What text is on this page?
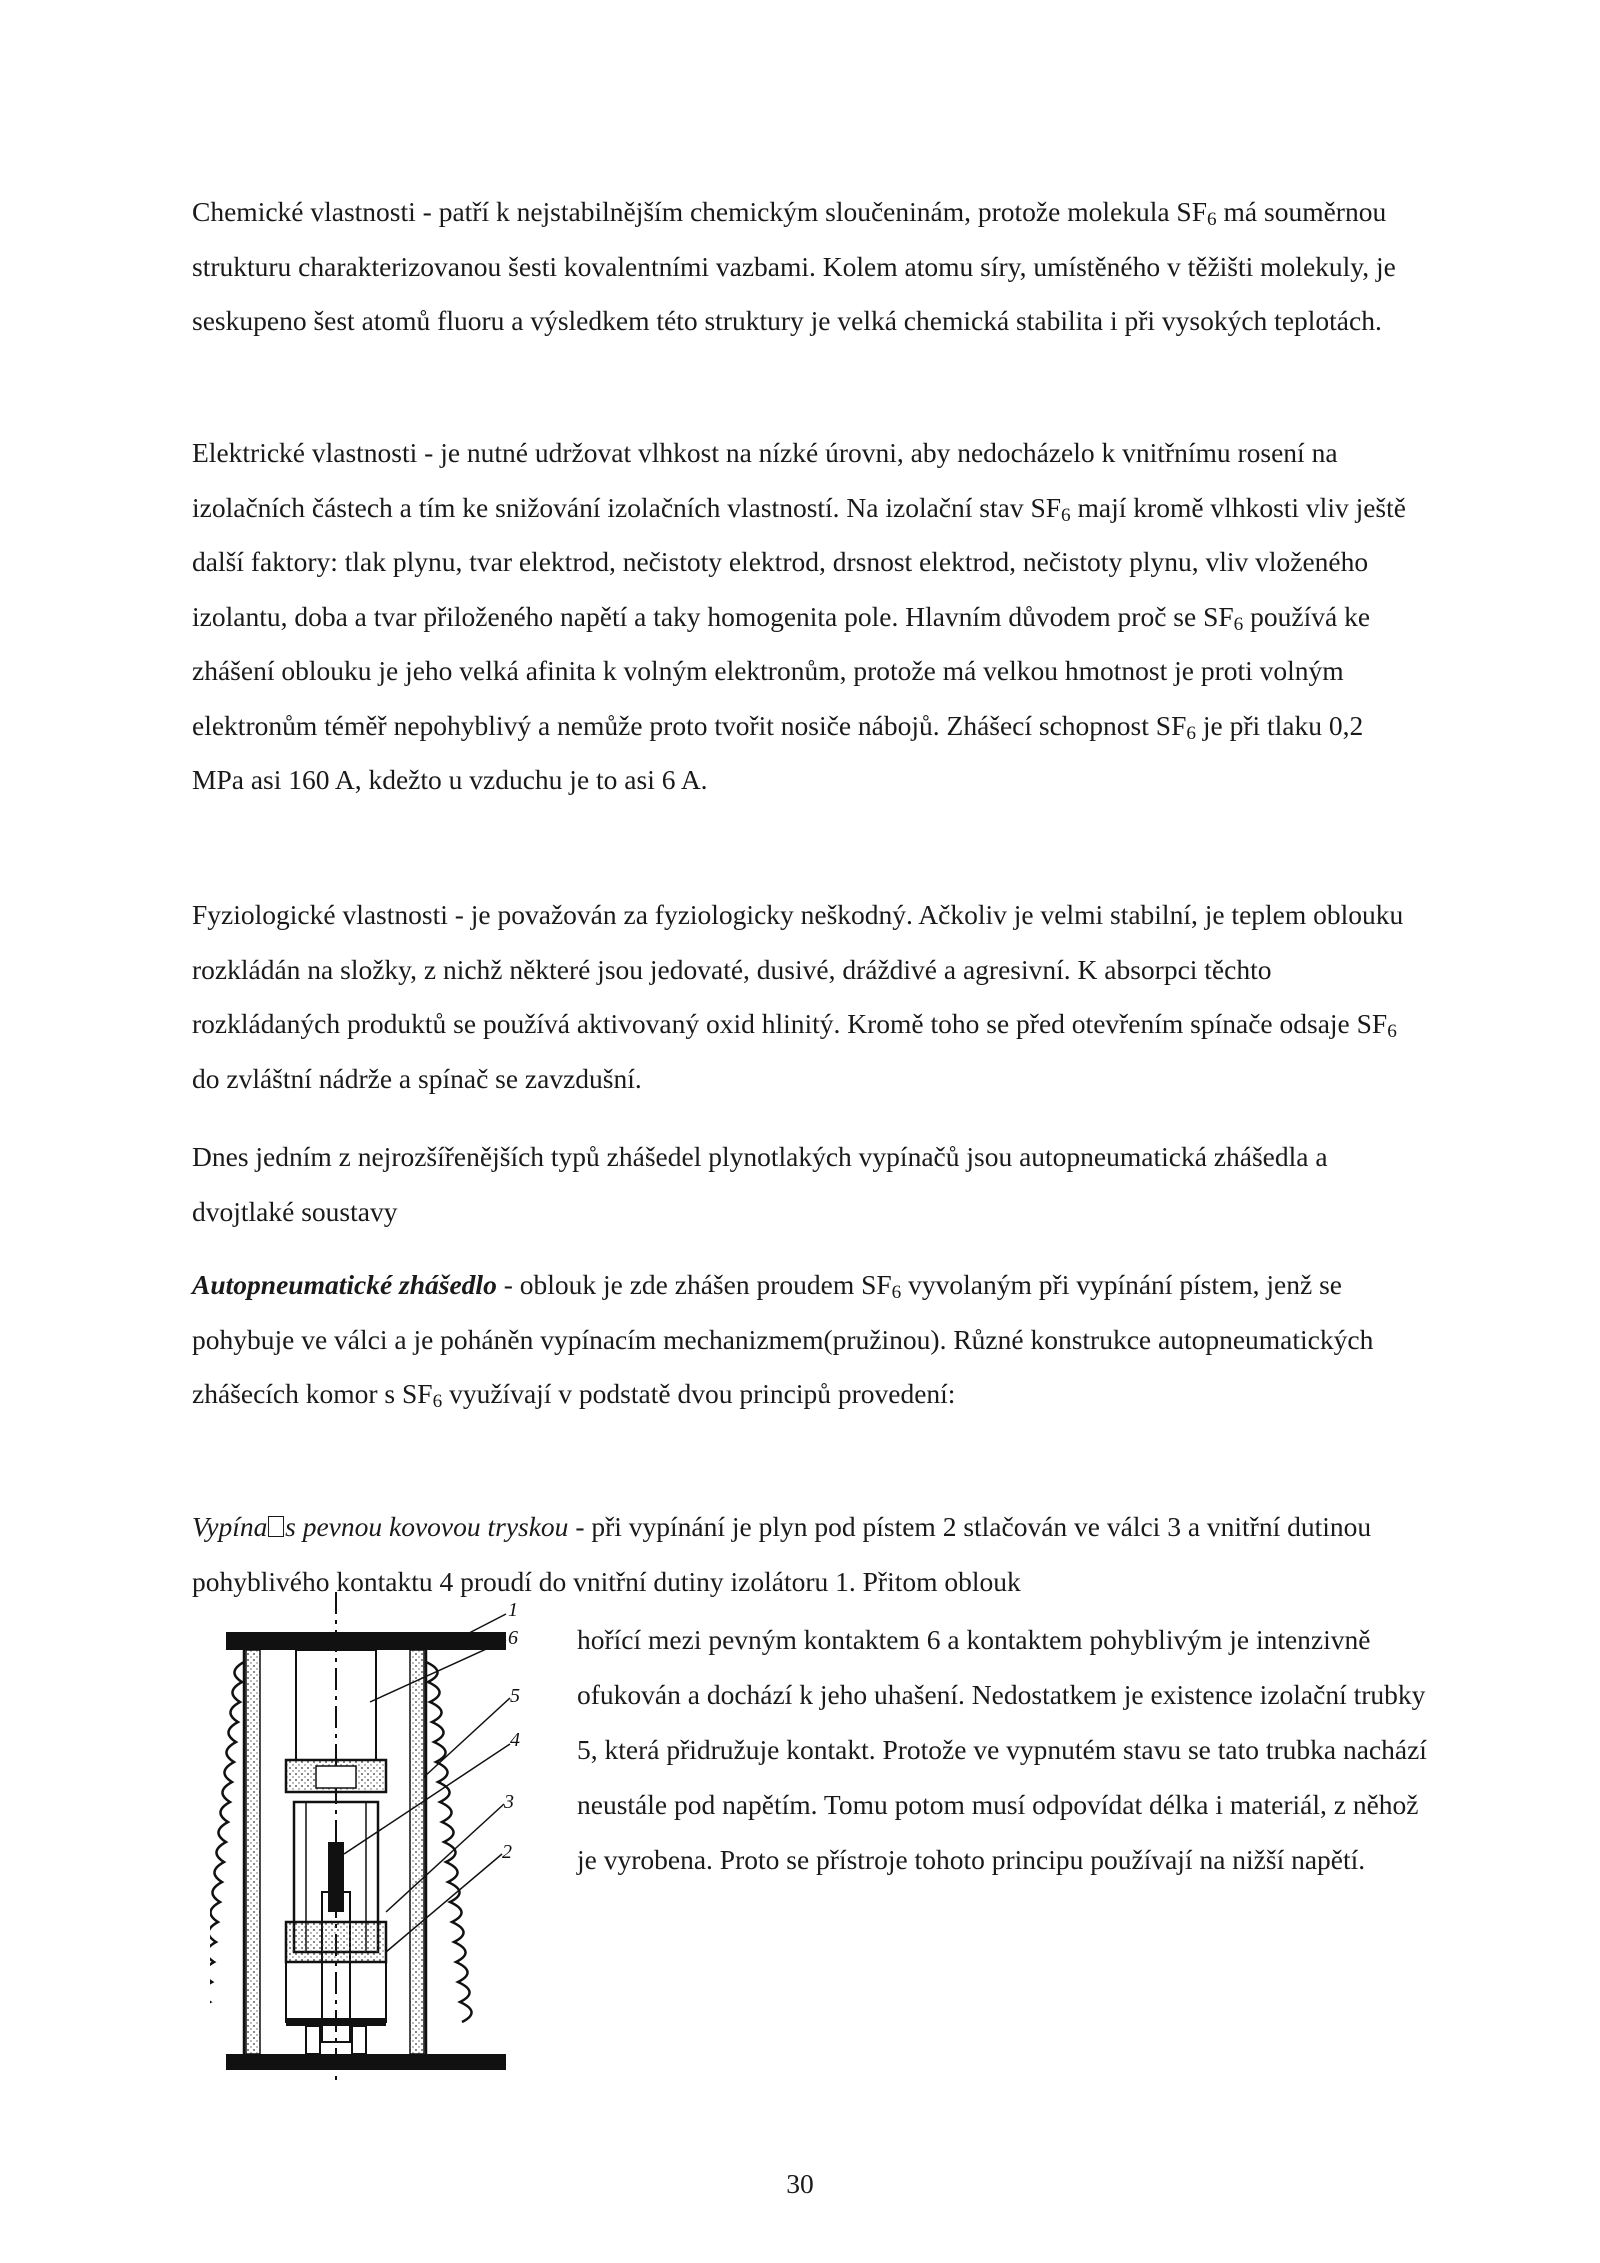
Chemické vlastnosti - patří k nejstabilnějším chemickým sloučeninám, protože molekula $SF_6$ má souměrnou strukturu charakterizovanou šesti kovalentními vazbami. Kolem atomu síry, umístěného v těžišti molekuly, je seskupeno šest atomů fluoru a výsledkem této struktury je velká chemická stabilita i při vysokých teplotách.

Elektrické vlastnosti - je nutné udržovat vlhkost na nízké úrovni, aby nedocházelo k vnitřnímu rosení na izolačních částech a tím ke snižování izolačních vlastností. Na izolační stav $SF_6$ mají kromě vlhkosti vliv ještě další faktory: tlak plynu, tvar elektrod, nečistoty elektrod, drsnost elektrod, nečistoty plynu, vliv vloženého izolantu, doba a tvar přiloženého napětí a taky homogenita pole. Hlavním důvodem proč se $SF_6$ používá ke zhášení oblouku je jeho velká afinita k volným elektronům, protože má velkou hmotnost je proti volným elektronům téměř nepohyblivý a nemůže proto tvořit nosiče nábojů. Zhášecí schopnost $SF_6$ je při tlaku 0,2 MPa asi 160 A, kdežto u vzduchu je to asi 6 A.

Fyziologické vlastnosti - je považován za fyziologicky neškodný. Ačkoliv je velmi stabilní, je teplem oblouku rozkládán na složky, z nichž některé jsou jedovaté, dusivé, dráždivé a agresivní. K absorpci těchto rozkládaných produktů se používá aktivovaný oxid hlinitý. Kromě toho se před otevřením spínače odsaje $SF_6$ do zvláštní nádrže a spínač se zavzdušní.

Dnes jedním z nejrozšířenějších typů zhášedel plynotlakých vypínačů jsou autopneumatická zhášedla a dvojtlaké soustavy

Autopneumatické zhášedlo - oblouk je zde zhášen proudem $SF_6$ vyvolaným při vypínání pístem, jenž se pohybuje ve válci a je poháněn vypínacím mechanizmem(pružinou). Různé konstrukce autopneumatických zhášecích komor s $SF_6$ využívají v podstatě dvou principů provedení:

Vypína s pevnou kovovou tryskou - při vypínání je plyn pod pístem 2 stlačován ve válci 3 a vnitřní dutinou pohyblivého kontaktu 4 proudí do vnitřní dutiny izolátoru 1. Přitom oblouk

1
6
5
4
3
2

hořící mezi pevným kontaktem 6 a kontaktem pohyblivým je intenzivně ofukován a dochází k jeho uhašení. Nedostatkem je existence izolační trubky 5, která přidružuje kontakt. Protože ve vypnutém stavu se tato trubka nachází neustále pod napětím. Tomu potom musí odpovídat délka i materiál, z něhož je vyrobena. Proto se přístroje tohoto principu používají na nižší napětí.

30
